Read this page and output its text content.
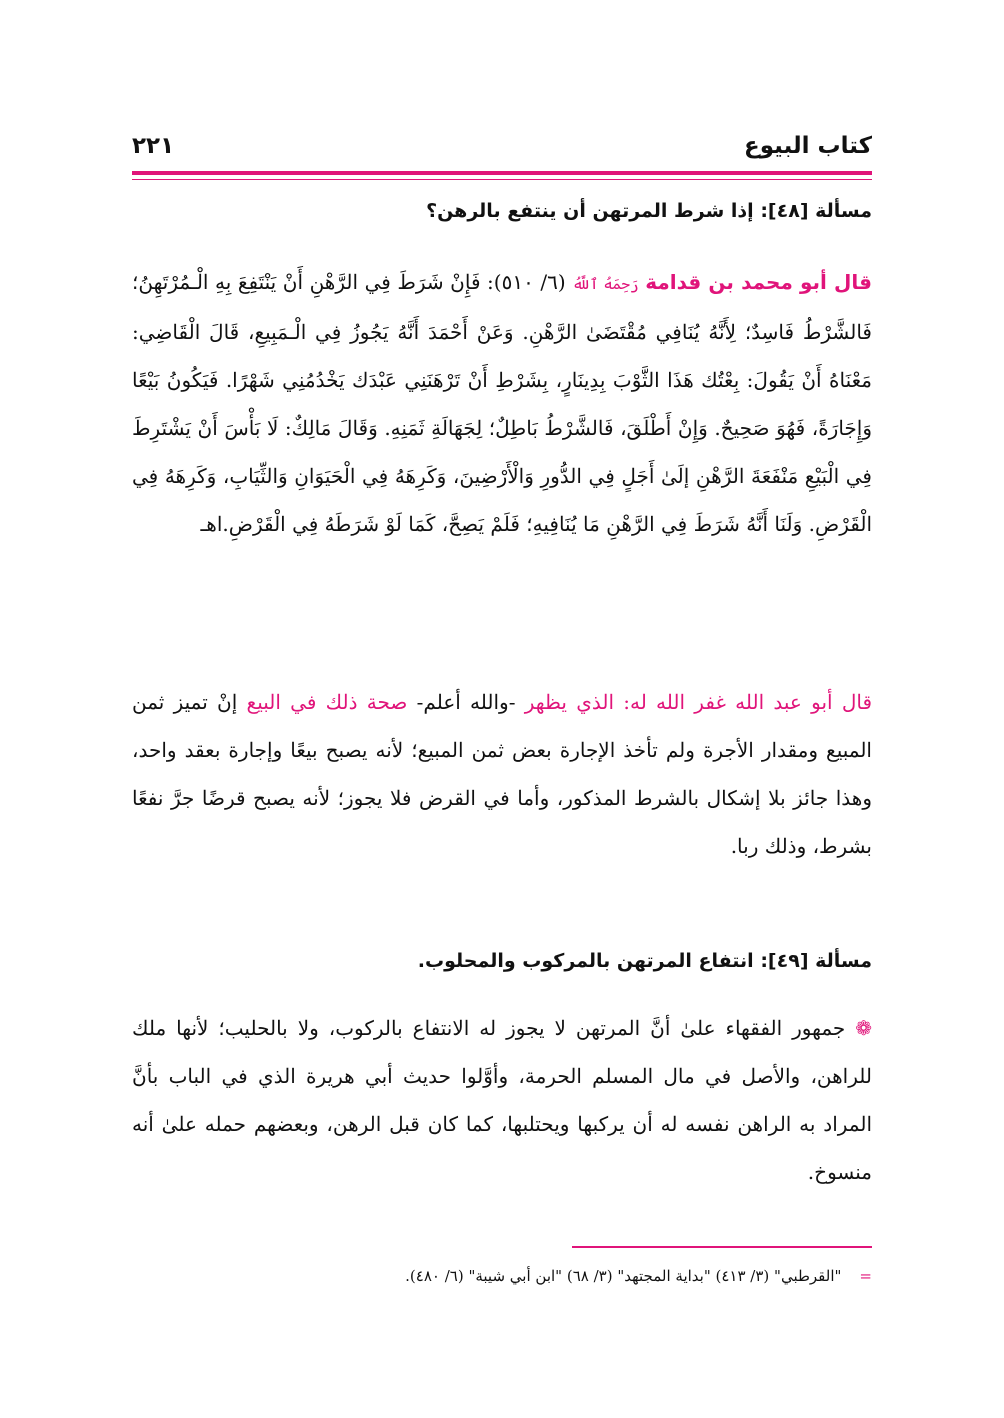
كتاب البيوع
٢٢١
مسألة [٤٨]: إذا شرط المرتهن أن ينتفع بالرهن؟
قال أبو محمد بن قدامة رَحِمَهُ ٱللَّهُ (٦/ ٥١٠): فَإِنْ شَرَطَ فِي الرَّهْنِ أَنْ يَنْتَفِعَ بِهِ الْـمُرْتَهِنُ؛ فَالشَّرْطُ فَاسِدٌ؛ لِأَنَّهُ يُنَافِي مُقْتَضَىٰ الرَّهْنِ. وَعَنْ أَحْمَدَ أَنَّهُ يَجُوزُ فِي الْـمَبِيعِ، قَالَ الْقَاضِي: مَعْنَاهُ أَنْ يَقُولَ: بِعْتُك هَذَا الثَّوْبَ بِدِينَارٍ، بِشَرْطِ أَنْ تَرْهَنَنِي عَبْدَك يَخْدُمُنِي شَهْرًا. فَيَكُونُ بَيْعًا وَإِجَارَةً، فَهُوَ صَحِيحٌ. وَإِنْ أَطْلَقَ، فَالشَّرْطُ بَاطِلٌ؛ لِجَهَالَةِ ثَمَنِهِ. وَقَالَ مَالِكٌ: لَا بَأْسَ أَنْ يَشْتَرِطَ فِي الْبَيْعِ مَنْفَعَةَ الرَّهْنِ إلَىٰ أَجَلٍ فِي الدُّورِ وَالْأَرْضِينَ، وَكَرِهَهُ فِي الْحَيَوَانِ وَالثِّيَابِ، وَكَرِهَهُ فِي الْقَرْضِ. وَلَنَا أَنَّهُ شَرَطَ فِي الرَّهْنِ مَا يُنَافِيهِ؛ فَلَمْ يَصِحَّ، كَمَا لَوْ شَرَطَهُ فِي الْقَرْضِ.اهـ
قال أبو عبد الله غفر الله له: الذي يظهر -والله أعلم- صحة ذلك في البيع إنْ تميز ثمن المبيع ومقدار الأجرة ولم تأخذ الإجارة بعض ثمن المبيع؛ لأنه يصبح بيعًا وإجارة بعقد واحد، وهذا جائز بلا إشكال بالشرط المذكور، وأما في القرض فلا يجوز؛ لأنه يصبح قرضًا جرَّ نفعًا بشرط، وذلك ربا.
مسألة [٤٩]: انتفاع المرتهن بالمركوب والمحلوب.
❁ جمهور الفقهاء علىٰ أنَّ المرتهن لا يجوز له الانتفاع بالركوب، ولا بالحليب؛ لأنها ملك للراهن، والأصل في مال المسلم الحرمة، وأوَّلوا حديث أبي هريرة الذي في الباب بأنَّ المراد به الراهن نفسه له أن يركبها ويحتلبها، كما كان قبل الرهن، وبعضهم حمله علىٰ أنه منسوخ.
="القرطبي" (٣/ ٤١٣) "بداية المجتهد" (٣/ ٦٨) "ابن أبي شيبة" (٦/ ٤٨٠).
